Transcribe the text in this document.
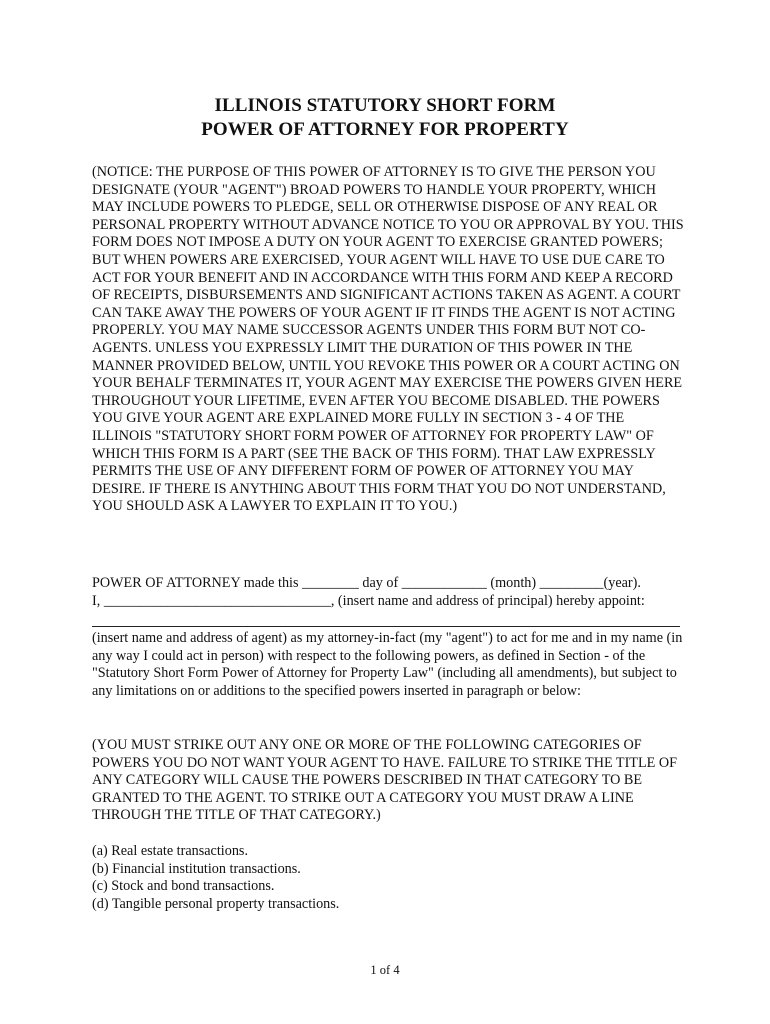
ILLINOIS STATUTORY SHORT FORM
POWER OF ATTORNEY FOR PROPERTY

(NOTICE: THE PURPOSE OF THIS POWER OF ATTORNEY IS TO GIVE THE PERSON YOU DESIGNATE (YOUR "AGENT") BROAD POWERS TO HANDLE YOUR PROPERTY, WHICH MAY INCLUDE POWERS TO PLEDGE, SELL OR OTHERWISE DISPOSE OF ANY REAL OR PERSONAL PROPERTY WITHOUT ADVANCE NOTICE TO YOU OR APPROVAL BY YOU. THIS FORM DOES NOT IMPOSE A DUTY ON YOUR AGENT TO EXERCISE GRANTED POWERS; BUT WHEN POWERS ARE EXERCISED, YOUR AGENT WILL HAVE TO USE DUE CARE TO ACT FOR YOUR BENEFIT AND IN ACCORDANCE WITH THIS FORM AND KEEP A RECORD OF RECEIPTS, DISBURSEMENTS AND SIGNIFICANT ACTIONS TAKEN AS AGENT. A COURT CAN TAKE AWAY THE POWERS OF YOUR AGENT IF IT FINDS THE AGENT IS NOT ACTING PROPERLY. YOU MAY NAME SUCCESSOR AGENTS UNDER THIS FORM BUT NOT CO-AGENTS. UNLESS YOU EXPRESSLY LIMIT THE DURATION OF THIS POWER IN THE MANNER PROVIDED BELOW, UNTIL YOU REVOKE THIS POWER OR A COURT ACTING ON YOUR BEHALF TERMINATES IT, YOUR AGENT MAY EXERCISE THE POWERS GIVEN HERE THROUGHOUT YOUR LIFETIME, EVEN AFTER YOU BECOME DISABLED. THE POWERS YOU GIVE YOUR AGENT ARE EXPLAINED MORE FULLY IN SECTION 3 - 4 OF THE ILLINOIS "STATUTORY SHORT FORM POWER OF ATTORNEY FOR PROPERTY LAW" OF WHICH THIS FORM IS A PART (SEE THE BACK OF THIS FORM). THAT LAW EXPRESSLY PERMITS THE USE OF ANY DIFFERENT FORM OF POWER OF ATTORNEY YOU MAY DESIRE. IF THERE IS ANYTHING ABOUT THIS FORM THAT YOU DO NOT UNDERSTAND, YOU SHOULD ASK A LAWYER TO EXPLAIN IT TO YOU.)

POWER OF ATTORNEY made this ________ day of ____________ (month) _________(year).
I, ________________________________, (insert name and address of principal) hereby appoint:

(insert name and address of agent) as my attorney-in-fact (my "agent") to act for me and in my name (in any way I could act in person) with respect to the following powers, as defined in Section - of the "Statutory Short Form Power of Attorney for Property Law" (including all amendments), but subject to any limitations on or additions to the specified powers inserted in paragraph or below:

(YOU MUST STRIKE OUT ANY ONE OR MORE OF THE FOLLOWING CATEGORIES OF POWERS YOU DO NOT WANT YOUR AGENT TO HAVE. FAILURE TO STRIKE THE TITLE OF ANY CATEGORY WILL CAUSE THE POWERS DESCRIBED IN THAT CATEGORY TO BE GRANTED TO THE AGENT. TO STRIKE OUT A CATEGORY YOU MUST DRAW A LINE THROUGH THE TITLE OF THAT CATEGORY.)

(a) Real estate transactions.
(b) Financial institution transactions.
(c) Stock and bond transactions.
(d) Tangible personal property transactions.
1 of 4
